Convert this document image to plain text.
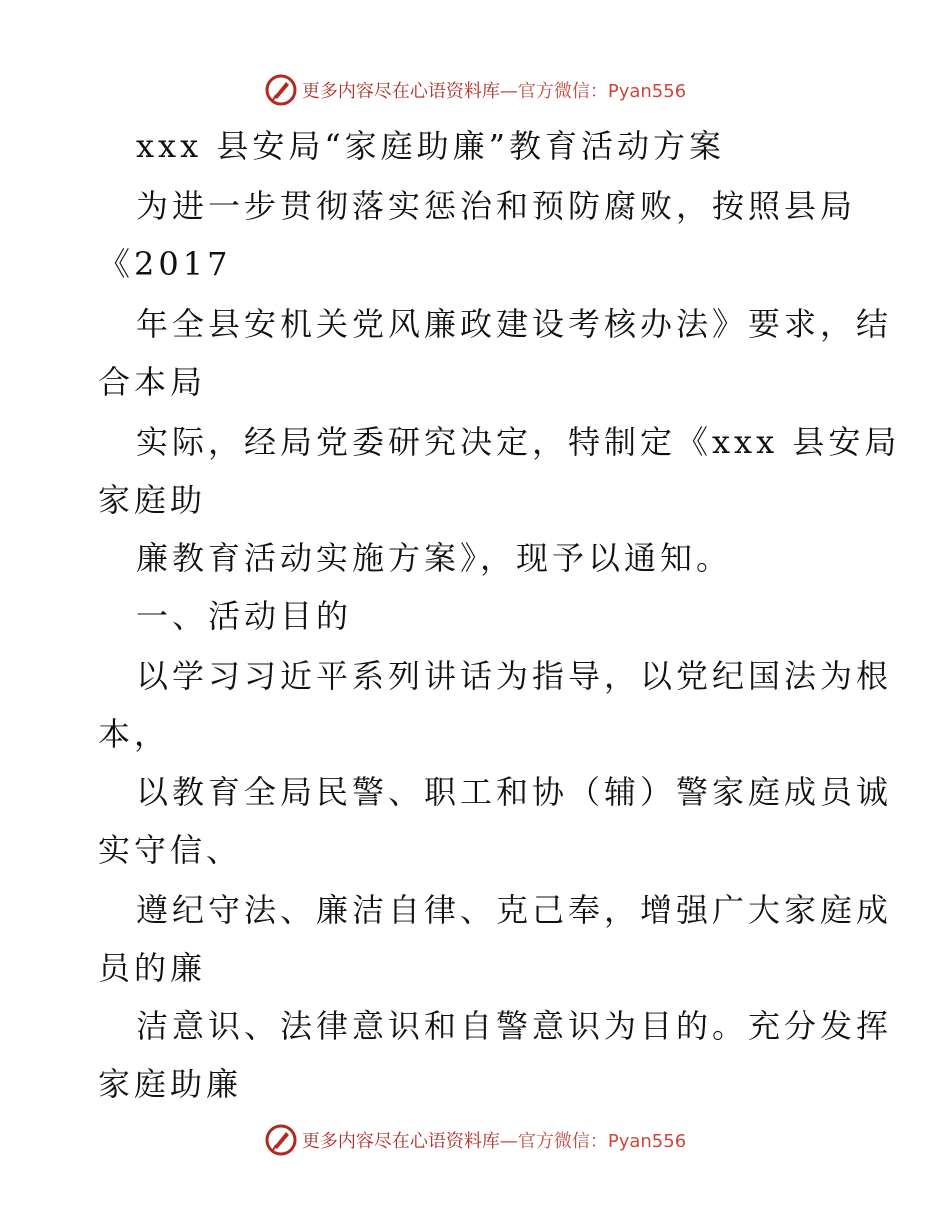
更多内容尽在心语资料库—官方微信：Pyan556
xxx 县安局“家庭助廉”教育活动方案
为进一步贯彻落实惩治和预防腐败，按照县局
《2017
年全县安机关党风廉政建设考核办法》要求，结
合本局
实际，经局党委研究决定，特制定《xxx 县安局
家庭助
廉教育活动实施方案》，现予以通知。
一、活动目的
以学习习近平系列讲话为指导，以党纪国法为根
本，
以教育全局民警、职工和协（辅）警家庭成员诚
实守信、
遵纪守法、廉洁自律、克己奉，增强广大家庭成
员的廉
洁意识、法律意识和自警意识为目的。充分发挥
家庭助廉
更多内容尽在心语资料库—官方微信：Pyan556
